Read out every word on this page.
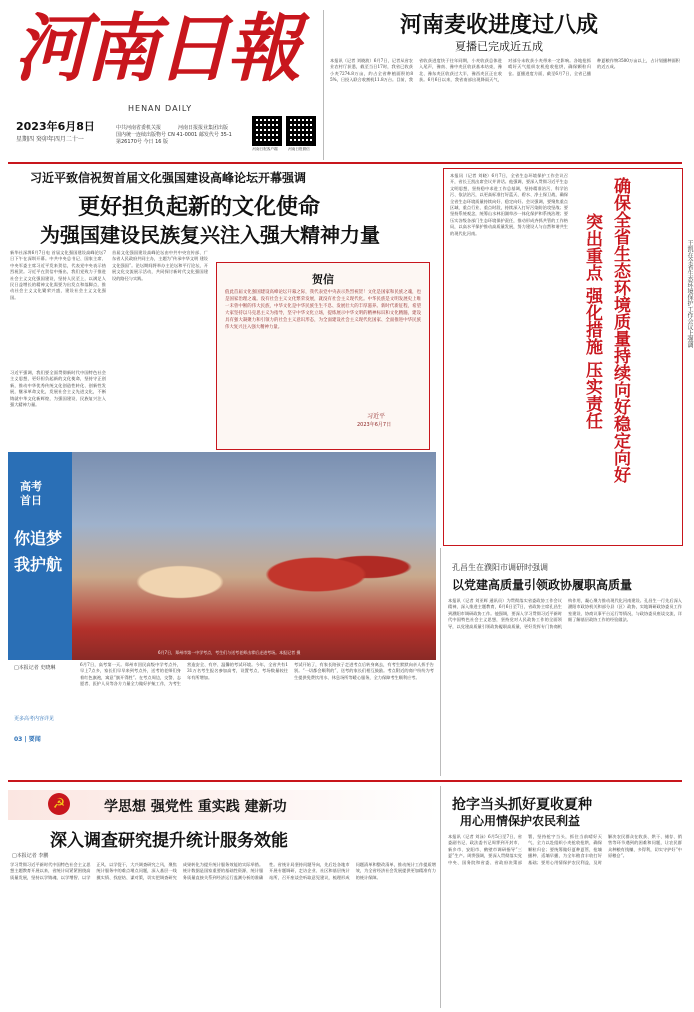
河南日報
HENAN DAILY
2023年6月8日
星期四 癸卯年四月二十一
中共河南省委机关报	河南日报报业集团出版
国内统一连续出版物号 CN 41-0001 邮发代号 35-1
第26170号 今日 16 版
河南日报客户端	河南日报微信
河南麦收进度过八成
夏播已完成近五成
本报讯（记者 刘晓波）6月7日，记者从省农业农村厅获悉，截至当日17时，我省已收获小麦7274.8万亩，约占全省种植面积的85%，日投入联合收割机11.8万台。目前，我省收获进度快于往年同期，小麦收获总体进入尾声，豫南、豫中麦区收获基本结束，豫北、豫东麦区收获过大半，豫西麦区正在收获。6月6日以来，我省南部出现降雨天气，对部分未收获小麦带来一定影响。各地抢抓晴好天气组织农机抢收抢烘，确保颗粒归仓。夏播进度方面，截至6月7日，全省已播种夏粮作物3500万亩以上，占计划播种面积的近五成。
习近平致信祝贺首届文化强国建设高峰论坛开幕强调
更好担负起新的文化使命
为强国建设民族复兴注入强大精神力量
新华社深圳6月7日电 首届文化强国建设高峰论坛7日下午在深圳开幕。中共中央总书记、国家主席、中央军委主席习近平发来贺信，代表党中央表示热烈祝贺。习近平在贺信中指出，我们党致力于推进社会主义文化强国建设，坚持人民至上，以满足人民日益增长的精神文化需要为出发点和落脚点，推动社会主义文化繁荣兴盛，建设社会主义文化强国。
习近平强调，我们要全面贯彻新时代中国特色社会主义思想，更好担负起新的文化使命，坚持守正创新，推动中华优秀传统文化创造性转化、创新性发展，继承革命文化，发展社会主义先进文化，不断铸就中华文化新辉煌，为强国建设、民族复兴注入强大精神力量。
首届文化强国建设高峰论坛由中共中央宣传部、广东省人民政府共同主办，主题为“传承中华文明 建设文化强国”。论坛期间将举办主论坛和平行论坛，开展文化交流展示活动，共同探讨新时代文化强国建设的路径与实践。	贺信
值此首届文化强国建设高峰论坛开幕之际，我代表党中央表示热烈祝贺！文化是国家和民族之魂，也是国家治理之魂。没有社会主义文化繁荣发展，就没有社会主义现代化。中华民族是文明发展史上唯一未曾中断的伟大民族，中华文化是中华民族生生不息、发展壮大的丰厚滋养。新时代新征程，希望大家坚持以马克思主义为指导，坚守中华文化立场，提炼展示中华文明的精神标识和文化精髓，建设具有强大凝聚力和引领力的社会主义意识形态，为全面建设社会主义现代化国家、全面推进中华民族伟大复兴注入强大精神力量。
习近平
2023年6月7日
本报讯（记者 刘晓）6月7日，全省生态环境保护工作会议召开，省长王凯出席会议并讲话。他强调，要深入贯彻习近平生态文明思想，坚持稳中求进工作总基调，坚持精准治污、科学治污、依法治污，以更高标准打好蓝天、碧水、净土保卫战，确保全省生态环境质量持续向好、稳定向好。会议强调，要聚焦重点区域、重点行业、重点时段，持续深入打好污染防治攻坚战；要坚持系统观念，统筹山水林田湖草沙一体化保护和系统治理；要压实各级各部门生态环境保护责任，推动形成齐抓共管的工作格局，以高水平保护推动高质量发展，努力建设人与自然和谐共生的现代化河南。	确保全省生态环境质量持续向好稳定向好
突出重点 强化措施 压实责任	王凯在全省生态环境保护工作会议上强调
6月7日，郑州市第一中学考点，考生们与送考老师击掌后走进考场。本报记者 摄
高考
首日
你追梦
我护航
□本报记者 史晓琳
更多高考内容详见
03 | 要闻
6月7日，高考第一天。郑州市回民高级中学考点外，早上7点多，家长们早早来到考点外，送考的老师们身着红色旗袍，寓意“旗开得胜”。在考点周边，交警、志愿者、医护人员等各方力量全力做好护航工作，为考生营造安全、有序、温馨的考试环境。今年，全省共有131万名考生报名参加高考，设置考点、考场数量较往年有所增加。
考试开始了，有家长陪孩子走进考点后转身离去，有考生默默向亲人挥手告别。“一切都会顺利的”，送考的家长们相互鼓励。考点附近的商户纷纷为考生提供免费饮用水、休息场所等暖心服务，全力保障考生顺利应考。
孔昌生在濮阳市调研时强调
以党建高质量引领政协履职高质量
本报讯（记者 刘亚辉 通讯员）为贯彻落实省委政协工作会议精神，深入推进主题教育，6月6日至7日，省政协主席孔昌生到濮阳市调研政协工作。他强调，要深入学习贯彻习近平新时代中国特色社会主义思想，坚持党对人民政协工作的全面领导，以党建高质量引领政协履职高质量，更好发挥专门协商机构作用，凝心聚力推动现代化河南建设。孔昌生一行先后深入濮阳市政协机关和部分县（区）政协，实地调研政协委员工作室建设、协商议事平台运行等情况，与政协委员座谈交流，详细了解基层政协工作的经验做法。
☭	学思想 强党性 重实践 建新功
深入调查研究提升统计服务效能
□本报记者 李鹏
学习贯彻习近平新时代中国特色社会主义思想主题教育开展以来，省统计局紧紧围绕高质量发展，坚持以学铸魂、以学增智、以学正风、以学促干，大兴调查研究之风，聚焦统计服务中的难点堵点问题，深入基层一线摸实情、找症结、谋对策，切实把调查研究成果转化为提升统计服务效能的实际举措。统计数据是国家重要的基础性资源，统计服务质量直接关系到经济运行监测分析的准确性。省统计局坚持问题导向，先后赴各地市开展专题调研，走访企业、社区和基层统计站所，召开座谈会听取意见建议，梳理形成问题清单和整改清单，推动统计工作提质增效，为全省经济社会发展提供更加精准有力的统计保障。
抢字当头抓好夏收夏种
用心用情保护农民利益
本报讯（记者 刘泳）6月5日至7日，省委副书记、政法委书记周霁到开封市、新乡市、安阳市、鹤壁市调研指导“三夏”生产。周霁强调，要深入贯彻落实党中央、国务院和省委、省政府决策部署，坚持抢字当头，抓住当前晴好天气，全力以赴组织小麦抢收抢烘，确保颗粒归仓；要统筹做好夏种夏管，抢墒播种、适墒早播，为全年粮食丰收打好基础；要用心用情保护农民利益，及时解决农民群众在收获、烘干、储存、销售等环节遇到的困难和问题，让农民群众种粮有钱赚、多得利，切实守护好“中原粮仓”。
